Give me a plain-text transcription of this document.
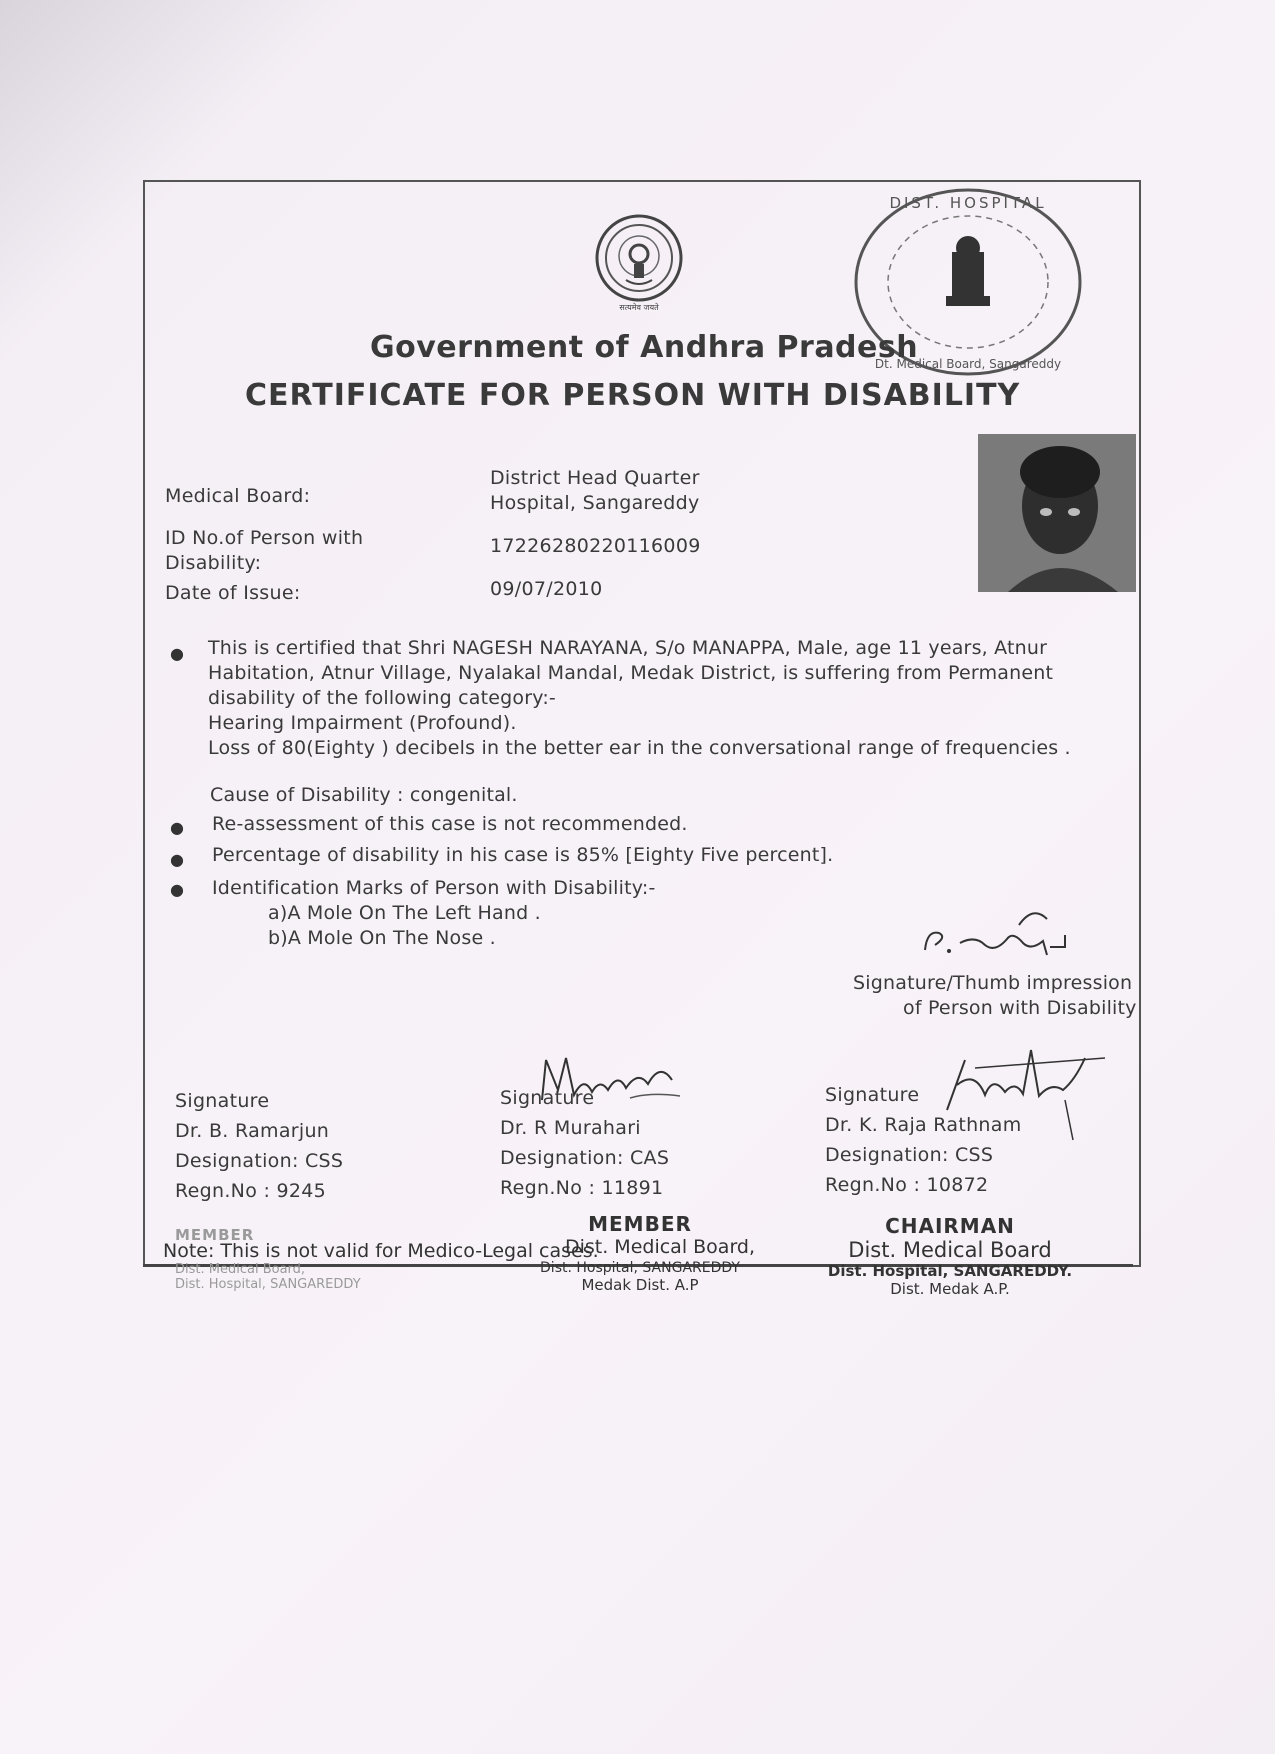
सत्यमेव जयते
DIST. HOSPITAL
Dt. Medical Board, Sangareddy
Government of Andhra Pradesh
CERTIFICATE FOR PERSON WITH DISABILITY
Medical Board:
District Head Quarter
Hospital, Sangareddy
ID No.of Person with
Disability:
17226280220116009
Date of Issue:	09/07/2010
● This is certified that Shri NAGESH NARAYANA, S/o MANAPPA, Male, age 11 years, Atnur
Habitation, Atnur Village, Nyalakal Mandal, Medak District, is suffering from Permanent
disability of the following category:-
Hearing Impairment (Profound).
Loss of 80(Eighty ) decibels in the better ear in the conversational range of frequencies .
Cause of Disability : congenital.
● Re-assessment of this case is not recommended.
● Percentage of disability in his case is 85% [Eighty Five percent].
● Identification Marks of Person with Disability:-
a)A Mole On The Left Hand .
b)A Mole On The Nose .
Signature/Thumb impression
of Person with Disability
Signature
Dr. B. Ramarjun
Designation: CSS
Regn.No : 9245
Signature
Dr. R Murahari
Designation: CAS
Regn.No : 11891
Signature
Dr. K. Raja Rathnam
Designation: CSS
Regn.No : 10872
MEMBER
Dist. Medical Board,
Dist. Hospital, SANGAREDDY
MEMBER
Dist. Medical Board,
Dist. Hospital, SANGAREDDY
Medak Dist. A.P
CHAIRMAN
Dist. Medical Board
Dist. Hospital, SANGAREDDY.
Dist. Medak A.P.
Note: This is not valid for Medico-Legal cases.
